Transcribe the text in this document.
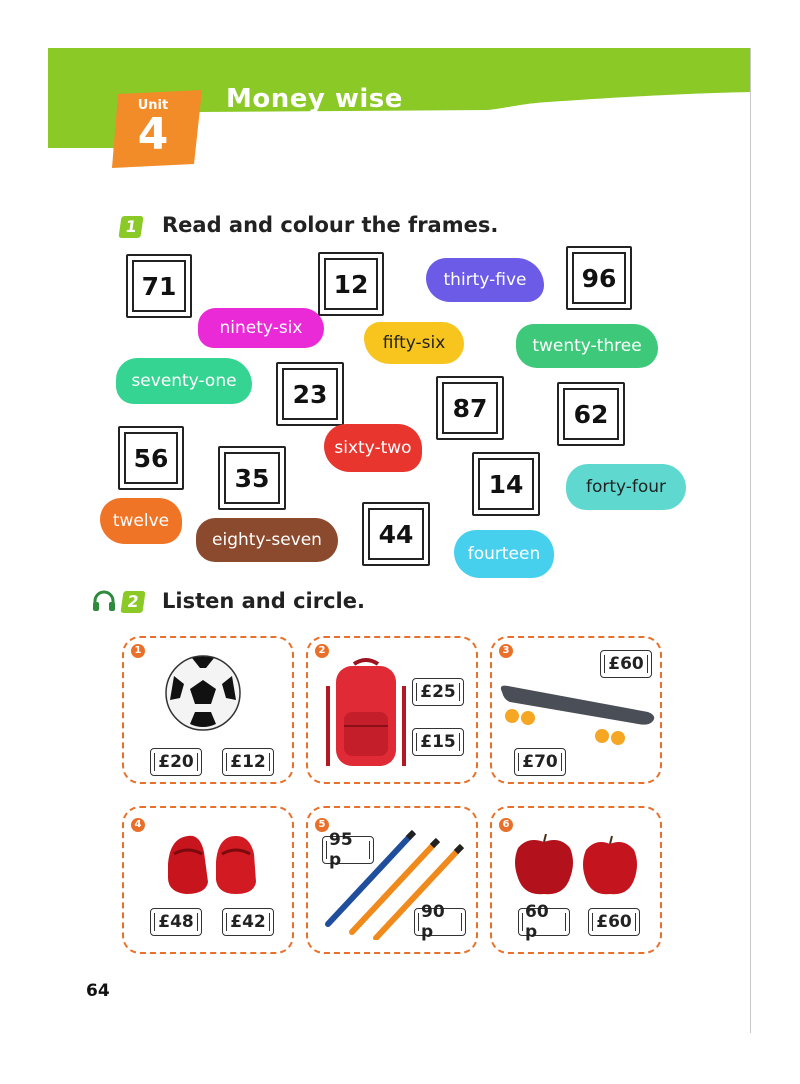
Unit
4
Money wise
1 Read and colour the frames.
71	12	96
23	87	62
56
35	14
44
thirty-five
ninety-six
fifty-six	twenty-three
seventy-one
sixty-two
forty-four
twelve
eighty-seven
fourteen
2 Listen and circle.
1
£20 £12
2
£25
£15
3
£60
£70
4
£48 £42
5
95 p
90 p
6
60 p	£60
64
